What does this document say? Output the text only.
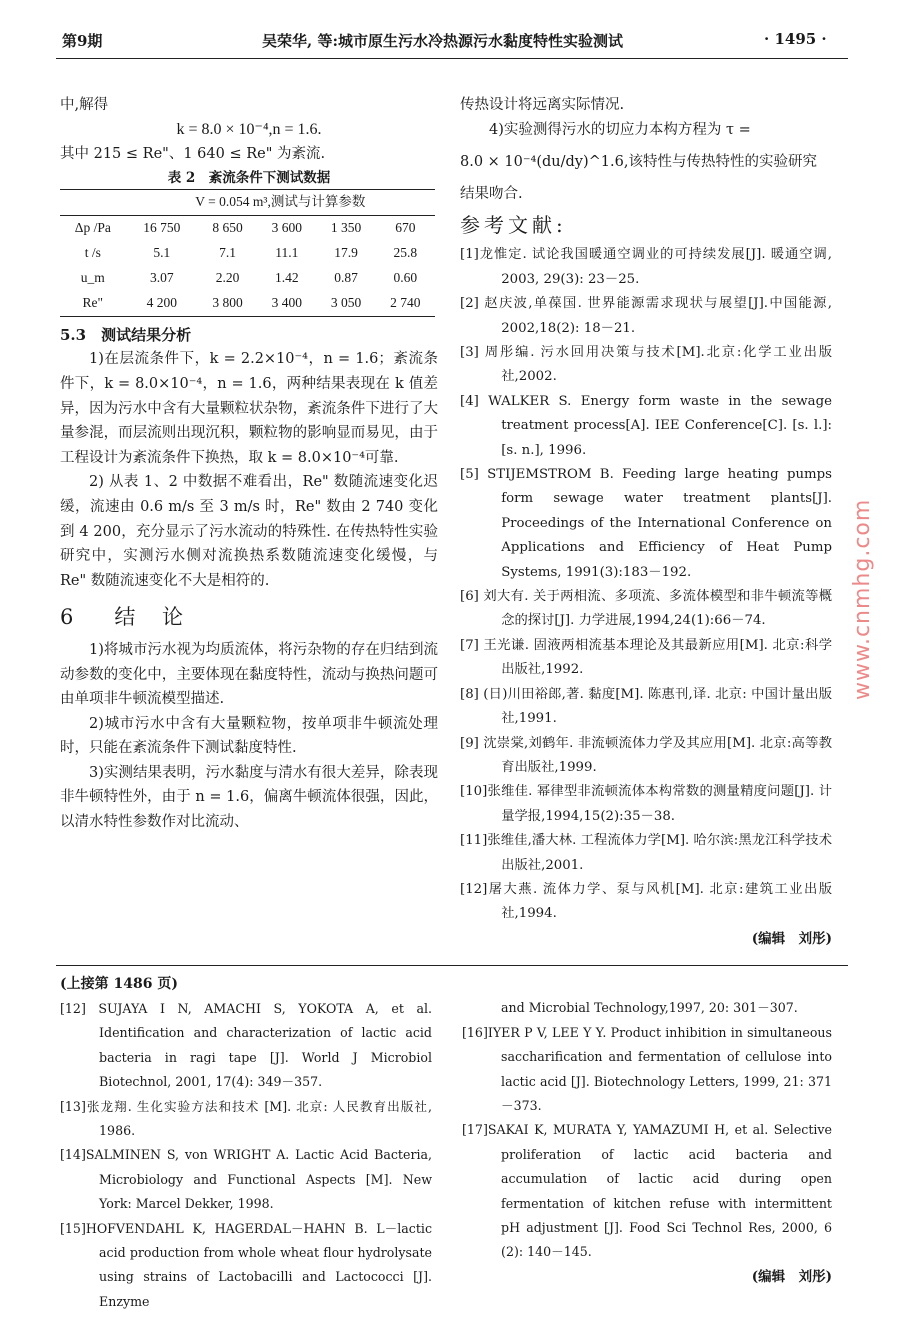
第9期	吴荣华, 等:城市原生污水冷热源污水黏度特性实验测试	· 1495 ·
中,解得
k = 8.0 × 10⁻⁴,n = 1.6.
其中 215 ≤ Re"、1 640 ≤ Re" 为紊流.
表 2　紊流条件下测试数据
	V = 0.054 m³,测试与计算参数				
Δp /Pa	16 750	8 650	3 600	1 350	670
t /s	5.1	7.1	11.1	17.9	25.8
u_m	3.07	2.20	1.42	0.87	0.60
Re"	4 200	3 800	3 400	3 050	2 740
5.3　测试结果分析
1)在层流条件下，k = 2.2×10⁻⁴，n = 1.6；紊流条件下，k = 8.0×10⁻⁴，n = 1.6，两种结果表现在 k 值差异，因为污水中含有大量颗粒状杂物，紊流条件下进行了大量参混，而层流则出现沉积，颗粒物的影响显而易见，由于工程设计为紊流条件下换热，取 k = 8.0×10⁻⁴可靠.
2) 从表 1、2 中数据不难看出，Re" 数随流速变化迟缓，流速由 0.6 m/s 至 3 m/s 时，Re" 数由 2 740 变化到 4 200，充分显示了污水流动的特殊性. 在传热特性实验研究中，实测污水侧对流换热系数随流速变化缓慢，与 Re" 数随流速变化不大是相符的.
6　结 论
1)将城市污水视为均质流体，将污杂物的存在归结到流动参数的变化中，主要体现在黏度特性，流动与换热问题可由单项非牛顿流模型描述.
2)城市污水中含有大量颗粒物，按单项非牛顿流处理时，只能在紊流条件下测试黏度特性.
3)实测结果表明，污水黏度与清水有很大差异，除表现非牛顿特性外，由于 n = 1.6，偏离牛顿流体很强，因此，以清水特性参数作对比流动、
传热设计将远离实际情况.
4)实验测得污水的切应力本构方程为 τ =
8.0 × 10⁻⁴(du/dy)^1.6,该特性与传热特性的实验研究
结果吻合.
参考文献:
[1]龙惟定. 试论我国暖通空调业的可持续发展[J]. 暖通空调, 2003, 29(3): 23－25.
[2] 赵庆波,单葆国. 世界能源需求现状与展望[J].中国能源, 2002,18(2): 18－21.
[3] 周彤编. 污水回用决策与技术[M].北京:化学工业出版社,2002.
[4] WALKER S. Energy form waste in the sewage treatment process[A]. IEE Conference[C]. [s. l.]:[s. n.], 1996.
[5] STIJEMSTROM B. Feeding large heating pumps form sewage water treatment plants[J]. Proceedings of the International Conference on Applications and Efficiency of Heat Pump Systems, 1991(3):183－192.
[6] 刘大有. 关于两相流、多项流、多流体模型和非牛顿流等概念的探讨[J]. 力学进展,1994,24(1):66－74.
[7] 王光谦. 固液两相流基本理论及其最新应用[M]. 北京:科学出版社,1992.
[8] (日)川田裕郎,著. 黏度[M]. 陈惠刊,译. 北京: 中国计量出版社,1991.
[9] 沈崇棠,刘鹤年. 非流顿流体力学及其应用[M]. 北京:高等教育出版社,1999.
[10]张维佳. 幂律型非流顿流体本构常数的测量精度问题[J]. 计量学报,1994,15(2):35－38.
[11]张维佳,潘大林. 工程流体力学[M]. 哈尔滨:黑龙江科学技术出版社,2001.
[12]屠大燕. 流体力学、泵与风机[M]. 北京:建筑工业出版社,1994.
(编辑　刘彤)
www.cnmhg.com
(上接第 1486 页)
[12] SUJAYA I N, AMACHI S, YOKOTA A, et al. Identification and characterization of lactic acid bacteria in ragi tape [J]. World J Microbiol Biotechnol, 2001, 17(4): 349－357.
[13]张龙翔. 生化实验方法和技术 [M]. 北京: 人民教育出版社, 1986.
[14]SALMINEN S, von WRIGHT A. Lactic Acid Bacteria, Microbiology and Functional Aspects [M]. New York: Marcel Dekker, 1998.
[15]HOFVENDAHL K, HAGERDAL－HAHN B. L－lactic acid production from whole wheat flour hydrolysate using strains of Lactobacilli and Lactococci [J]. Enzyme
and Microbial Technology,1997, 20: 301－307.
[16]IYER P V, LEE Y Y. Product inhibition in simultaneous saccharification and fermentation of cellulose into lactic acid [J]. Biotechnology Letters, 1999, 21: 371－373.
[17]SAKAI K, MURATA Y, YAMAZUMI H, et al. Selective proliferation of lactic acid bacteria and accumulation of lactic acid during open fermentation of kitchen refuse with intermittent pH adjustment [J]. Food Sci Technol Res, 2000, 6 (2): 140－145.
(编辑　刘彤)
